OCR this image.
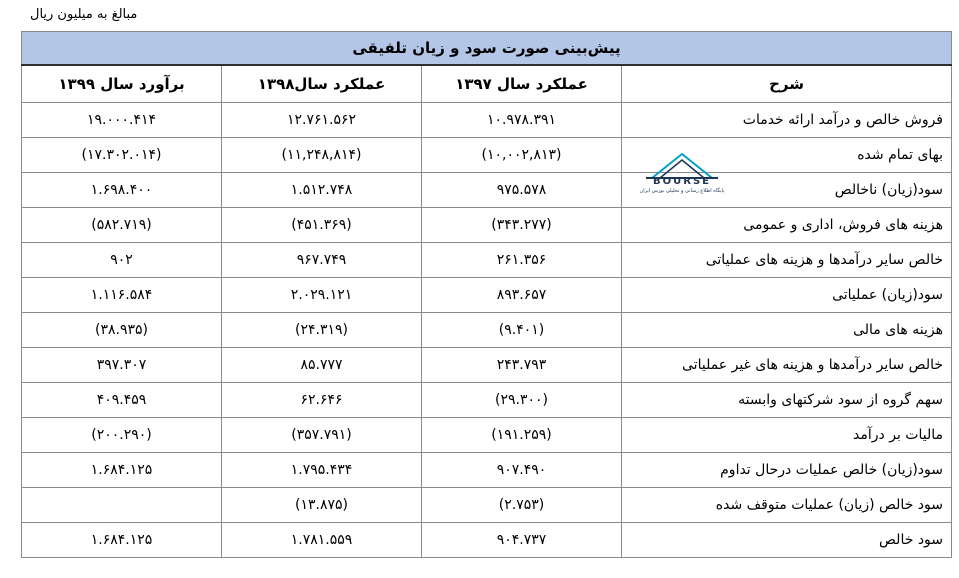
مبالغ به میلیون ریال
پیش‌بینی صورت سود و زیان تلفیقی			
شرح	عملکرد سال ۱۳۹۷	عملکرد سال۱۳۹۸	برآورد سال ۱۳۹۹
فروش خالص و درآمد ارائه خدمات	۱۰.۹۷۸.۳۹۱	۱۲.۷۶۱.۵۶۲	۱۹.۰۰۰.۴۱۴
بهای تمام شده	(۱۰,۰۰۲,۸۱۳)	(۱۱,۲۴۸,۸۱۴)	(۱۷.۳۰۲.۰۱۴)
سود(زیان) ناخالص	۹۷۵.۵۷۸	۱.۵۱۲.۷۴۸	۱.۶۹۸.۴۰۰
هزینه های فروش، اداری و عمومی	(۳۴۳.۲۷۷)	(۴۵۱.۳۶۹)	(۵۸۲.۷۱۹)
خالص سایر درآمدها و هزینه های عملیاتی	۲۶۱.۳۵۶	۹۶۷.۷۴۹	۹۰۲
سود(زیان) عملیاتی	۸۹۳.۶۵۷	۲.۰۲۹.۱۲۱	۱.۱۱۶.۵۸۴
هزینه های مالی	(۹.۴۰۱)	(۲۴.۳۱۹)	(۳۸.۹۳۵)
خالص سایر درآمدها و هزینه های غیر عملیاتی	۲۴۳.۷۹۳	۸۵.۷۷۷	۳۹۷.۳۰۷
سهم گروه از سود شرکتهای وابسته	(۲۹.۳۰۰)	۶۲.۶۴۶	۴۰۹.۴۵۹
مالیات بر درآمد	(۱۹۱.۲۵۹)	(۳۵۷.۷۹۱)	(۲۰۰.۲۹۰)
سود(زیان) خالص عملیات درحال تداوم	۹۰۷.۴۹۰	۱.۷۹۵.۴۳۴	۱.۶۸۴.۱۲۵
سود خالص (زیان) عملیات متوقف شده	(۲.۷۵۳)	(۱۳.۸۷۵)	
سود خالص	۹۰۴.۷۳۷	۱.۷۸۱.۵۵۹	۱.۶۸۴.۱۲۵
BOURSE
پایگاه اطلاع رسانی و تحلیلی بورس ایران
